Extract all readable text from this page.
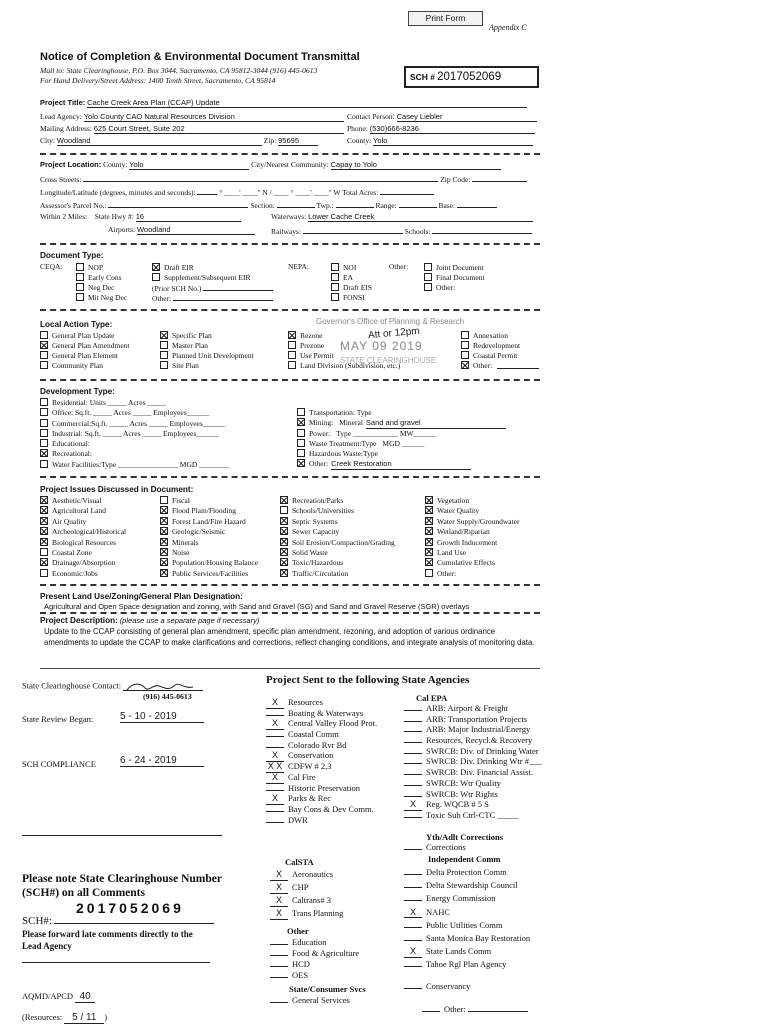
Print Form
Appendix C
Notice of Completion & Environmental Document Transmittal
Mail to: State Clearinghouse, P.O. Box 3044, Sacramento, CA 95812-3044 (916) 445-0613
For Hand Delivery/Street Address: 1400 Tenth Street, Sacramento, CA 95814	SCH # 2017052069
Project Title: Cache Creek Area Plan (CCAP) Update
Lead Agency: Yolo County CAO Natural Resources Division	Contact Person: Casey Liebler
Mailing Address: 625 Court Street, Suite 202	Phone: (530)666-8236
City: Woodland	Zip: 95695	County: Yolo
Project Location: County: Yolo	City/Nearest Community: Capay to Yolo
Cross Streets:	Zip Code:
Longitude/Latitude (degrees, minutes and seconds):	° ____' ____" N / ____ ° ____' ____" W Total Acres:
Assessor's Parcel No.:	Section:	Twp.:	Range:	Base:
Within 2 Miles: State Hwy #: 16	Waterways: Lower Cache Creek
Airports: Woodland	Railways:	Schools:
Document Type:
CEQA:	NOP
Early Cons
Neg Dec
Mit Neg Dec
Draft EIR
Supplement/Subsequent EIR
(Prior SCH No.)
Other:
NEPA:	NOI
EA
Draft EIS
FONSI
Other:	Joint Document
Final Document
Other:
Local Action Type:
General Plan Update
General Plan Amendment
General Plan Element
Community Plan
Specific Plan
Master Plan
Planned Unit Development
Site Plan
Rezone
Prezone
Use Permit
Land Division (Subdivision, etc.)
Annexation
Redevelopment
Coastal Permit
Other:
Governor's Office of Planning & Research
MAY 09 2019
STATE CLEARINGHOUSE
Att or 12pm
Development Type:
Residential: Units _____ Acres _____
Office: Sq.ft. _____ Acres _____ Employees______
Commercial:Sq.ft. _____ Acres _____ Employees______
Industrial: Sq.ft. _____ Acres _____ Employees______
Educational:
Recreational:
Water Facilities:Type ________________ MGD ________
Transportation: Type
Mining: Mineral Sand and gravel
Power: Type ____________ MW______
Waste Treatment:Type MGD ______
Hazardous Waste:Type
Other: Creek Restoration
Project Issues Discussed in Document:
Aesthetic/Visual
Agricultural Land
Air Quality
Archeological/Historical
Biological Resources
Coastal Zone
Drainage/Absorption
Economic/Jobs
Fiscal
Flood Plain/Flooding
Forest Land/Fire Hazard
Geologic/Seismic
Minerals
Noise
Population/Housing Balance
Public Services/Facilities
Recreation/Parks
Schools/Universities
Septic Systems
Sewer Capacity
Soil Erosion/Compaction/Grading
Solid Waste
Toxic/Hazardous
Traffic/Circulation
Vegetation
Water Quality
Water Supply/Groundwater
Wetland/Riparian
Growth Inducement
Land Use
Cumulative Effects
Other:
Present Land Use/Zoning/General Plan Designation:
Agricultural and Open Space designation and zoning, with Sand and Gravel (SG) and Sand and Gravel Reserve (SGR) overlays
Project Description: (please use a separate page if necessary)
Update to the CCAP consisting of general plan amendment, specific plan amendment, rezoning, and adoption of various ordinance amendments to update the CCAP to make clarifications and corrections, reflect changing conditions, and integrate analysis of monitoring data.
State Clearinghouse Contact:
(916) 445-0613
State Review Began:	5 - 10 - 2019
SCH COMPLIANCE 6 - 24 - 2019
Please note State Clearinghouse Number
(SCH#) on all Comments
2017052069
SCH#:
Please forward late comments directly to the
Lead Agency
AQMD/APCD 40
(Resources: 5 / 11 )
Project Sent to the following State Agencies
X Resources
Boating & Waterways
X Central Valley Flood Prot.
Coastal Comm
Colorado Rvr Bd
X Conservation
X X CDFW # 2,3
X Cal Fire
Historic Preservation
X Parks & Rec
Bay Cons & Dev Comm.
DWR
Cal EPA
ARB: Airport & Freight
ARB: Transportation Projects
ARB: Major Industrial/Energy
Resources, Recycl.& Recovery
SWRCB: Div. of Drinking Water
SWRCB: Div. Drinking Wtr #___
SWRCB: Div. Financial Assist.
SWRCB: Wtr Quality
SWRCB: Wtr Rights
X Reg. WQCB # 5 S
Toxic Sub Ctrl-CTC _____
Yth/Adlt Corrections
Corrections
Independent Comm
Delta Protection Comm
Delta Stewardship Council
Energy Commission
X NAHC
Public Utilities Comm
Santa Monica Bay Restoration
X State Lands Comm
Tahoe Rgl Plan Agency
Conservancy
Other:
CalSTA
X Aeronautics
X CHP
X Caltrans# 3
X Trans Planning
Other
Education
Food & Agriculture
HCD
OES
State/Consumer Svcs
General Services
